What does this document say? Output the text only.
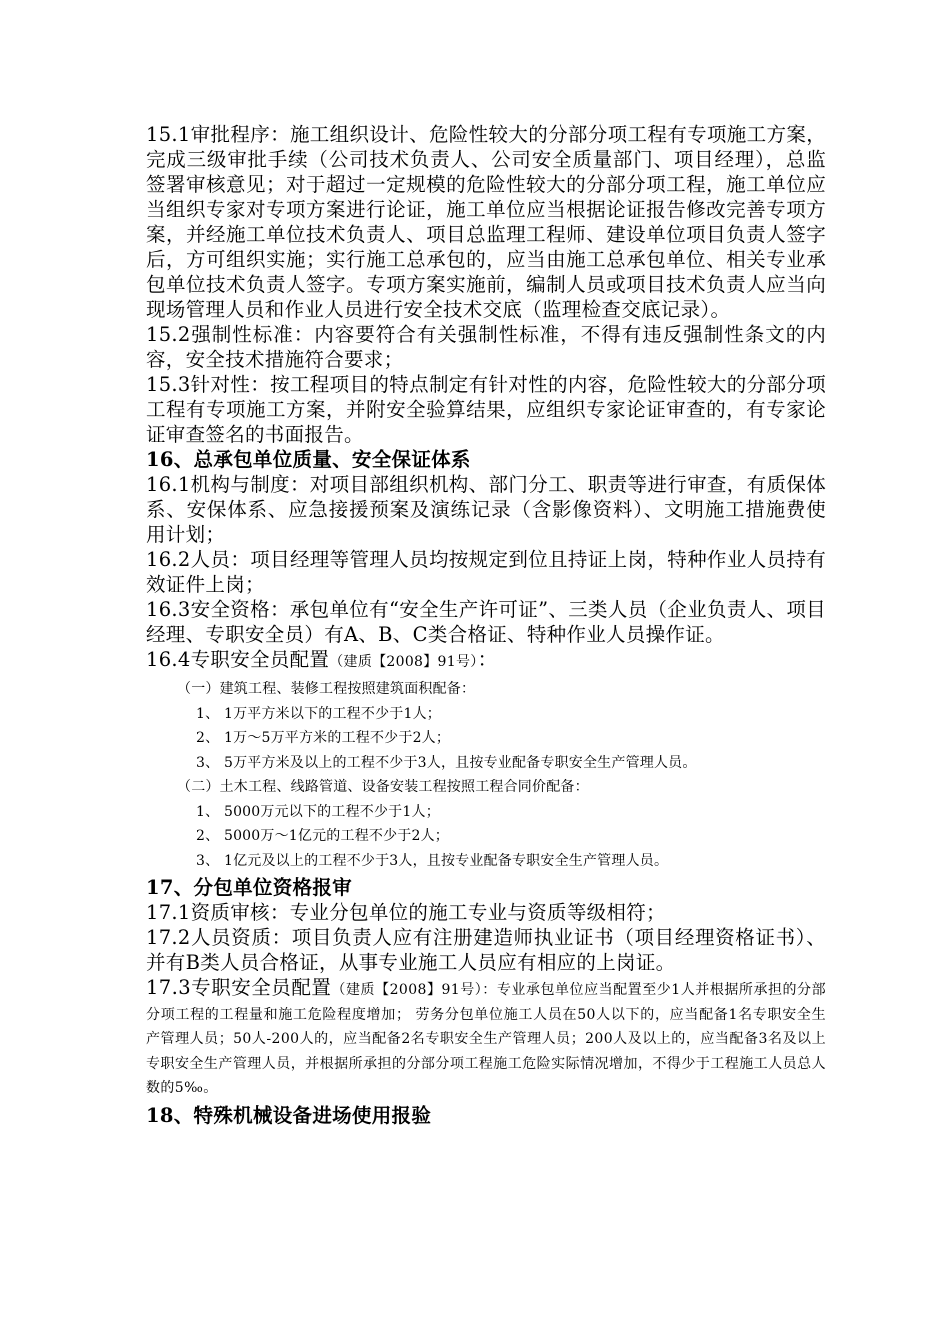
15.1审批程序：施工组织设计、危险性较大的分部分项工程有专项施工方案，完成三级审批手续（公司技术负责人、公司安全质量部门、项目经理），总监签署审核意见；对于超过一定规模的危险性较大的分部分项工程，施工单位应当组织专家对专项方案进行论证，施工单位应当根据论证报告修改完善专项方案，并经施工单位技术负责人、项目总监理工程师、建设单位项目负责人签字后，方可组织实施；实行施工总承包的，应当由施工总承包单位、相关专业承包单位技术负责人签字。专项方案实施前，编制人员或项目技术负责人应当向现场管理人员和作业人员进行安全技术交底（监理检查交底记录）。

15.2强制性标准：内容要符合有关强制性标准，不得有违反强制性条文的内容，安全技术措施符合要求；

15.3针对性：按工程项目的特点制定有针对性的内容，危险性较大的分部分项工程有专项施工方案，并附安全验算结果，应组织专家论证审查的，有专家论证审查签名的书面报告。

16、总承包单位质量、安全保证体系

16.1机构与制度：对项目部组织机构、部门分工、职责等进行审查，有质保体系、安保体系、应急接援预案及演练记录（含影像资料）、文明施工措施费使用计划；

16.2人员：项目经理等管理人员均按规定到位且持证上岗，特种作业人员持有效证件上岗；

16.3安全资格：承包单位有“安全生产许可证”、三类人员（企业负责人、项目经理、专职安全员）有A、B、C类合格证、特种作业人员操作证。

16.4专职安全员配置（建质【2008】91号）：

（一）建筑工程、装修工程按照建筑面积配备：

1、 1万平方米以下的工程不少于1人；

2、 1万～5万平方米的工程不少于2人；

3、 5万平方米及以上的工程不少于3人，且按专业配备专职安全生产管理人员。

（二）土木工程、线路管道、设备安装工程按照工程合同价配备：

1、 5000万元以下的工程不少于1人；

2、 5000万～1亿元的工程不少于2人；

3、 1亿元及以上的工程不少于3人，且按专业配备专职安全生产管理人员。

17、分包单位资格报审

17.1资质审核：专业分包单位的施工专业与资质等级相符；

17.2人员资质：项目负责人应有注册建造师执业证书（项目经理资格证书）、并有B类人员合格证，从事专业施工人员应有相应的上岗证。

17.3专职安全员配置（建质【2008】91号）：专业承包单位应当配置至少1人并根据所承担的分部分项工程的工程量和施工危险程度增加； 劳务分包单位施工人员在50人以下的，应当配备1名专职安全生产管理人员；50人-200人的，应当配备2名专职安全生产管理人员；200人及以上的，应当配备3名及以上专职安全生产管理人员，并根据所承担的分部分项工程施工危险实际情况增加，不得少于工程施工人员总人数的5‰。

18、特殊机械设备进场使用报验
